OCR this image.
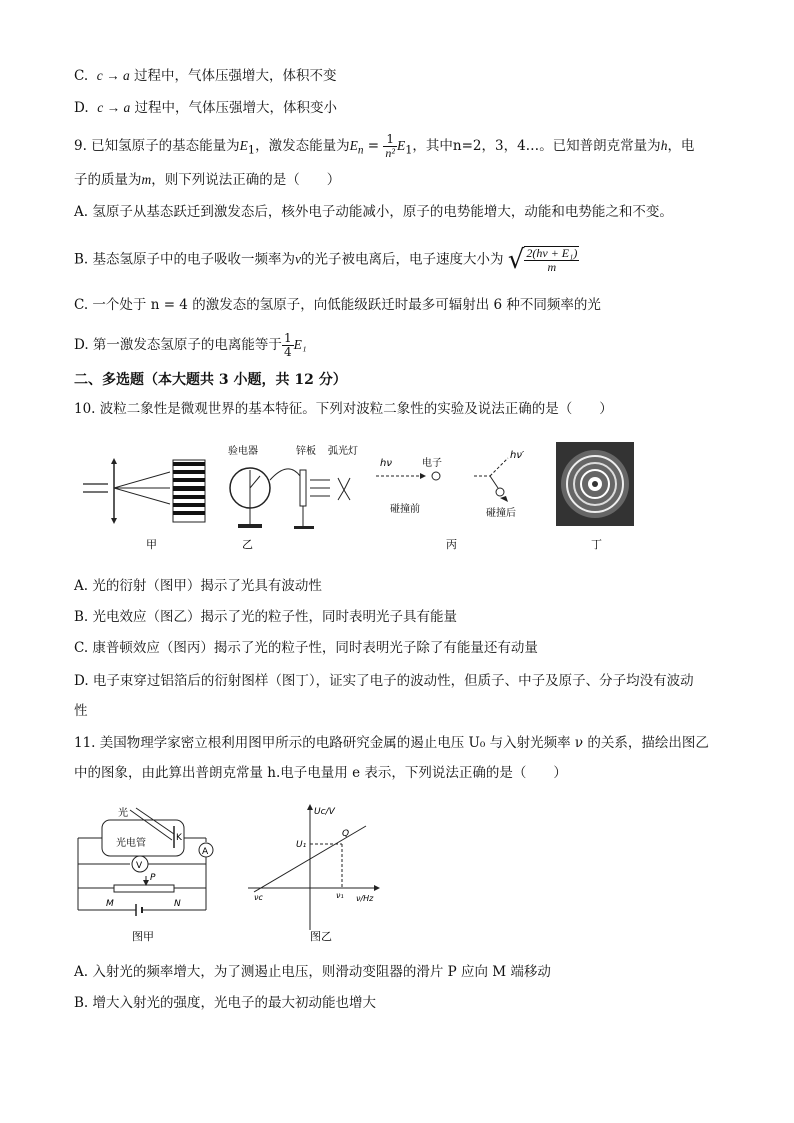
C. c → a 过程中，气体压强增大，体积不变
D. c → a 过程中，气体压强增大，体积变小
9. 已知氢原子的基态能量为$E_1$，激发态能量为$E_n = \frac{1}{\text{n²}} E_1$，其中n=2，3，4…。已知普朗克常量为h，电
子的质量为m，则下列说法正确的是（　　）
A. 氢原子从基态跃迁到激发态后，核外电子动能减小，原子的电势能增大，动能和电势能之和不变。
B. 基态氢原子中的电子吸收一频率为ν的光子被电离后，电子速度大小为 √ $\frac{\text{2(hν + E₁)}}{m}$
C. 一个处于 n = 4 的激发态的氢原子，向低能级跃迁时最多可辐射出 6 种不同频率的光
D. 第一激发态氢原子的电离能等于 $\frac{1}{4} E_1$
二、多选题（本大题共 3 小题，共 12 分）
10. 波粒二象性是微观世界的基本特征。下列对波粒二象性的实验及说法正确的是（　　）
甲
验电器	锌板 弧光灯
乙
hν	电子
碰撞前
hν′
碰撞后
丙	丁
A. 光的衍射（图甲）揭示了光具有波动性
B. 光电效应（图乙）揭示了光的粒子性，同时表明光子具有能量
C. 康普顿效应（图丙）揭示了光的粒子性，同时表明光子除了有能量还有动量
D. 电子束穿过铝箔后的衍射图样（图丁），证实了电子的波动性，但质子、中子及原子、分子均没有波动
性
11. 美国物理学家密立根利用图甲所示的电路研究金属的遏止电压 U₀ 与入射光频率 ν 的关系，描绘出图乙
中的图象，由此算出普朗克常量 h.电子电量用 e 表示，下列说法正确的是（　　）
光
光电管	K
A
V
P
M	N
图甲
Uc/V
U₁
Q
νc	ν₁ ν/Hz
图乙
A. 入射光的频率增大，为了测遏止电压，则滑动变阻器的滑片 P 应向 M 端移动
B. 增大入射光的强度，光电子的最大初动能也增大
